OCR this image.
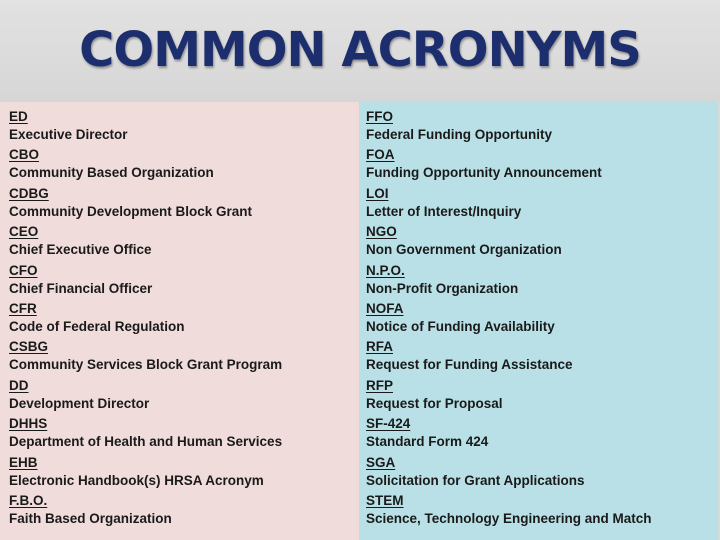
COMMON ACRONYMS
ED
Executive Director
CBO
Community Based Organization
CDBG
Community Development Block Grant
CEO
Chief Executive Office
CFO
Chief Financial Officer
CFR
Code of Federal Regulation
CSBG
Community Services Block Grant Program
DD
Development Director
DHHS
Department of Health and Human Services
EHB
Electronic Handbook(s) HRSA Acronym
F.B.O.
Faith Based Organization
FFO
Federal Funding Opportunity
FOA
Funding Opportunity Announcement
LOI
Letter of Interest/Inquiry
NGO
Non Government Organization
N.P.O.
Non-Profit Organization
NOFA
Notice of Funding Availability
RFA
Request for Funding Assistance
RFP
Request for Proposal
SF-424
Standard Form 424
SGA
Solicitation for Grant Applications
STEM
Science, Technology Engineering and Match
